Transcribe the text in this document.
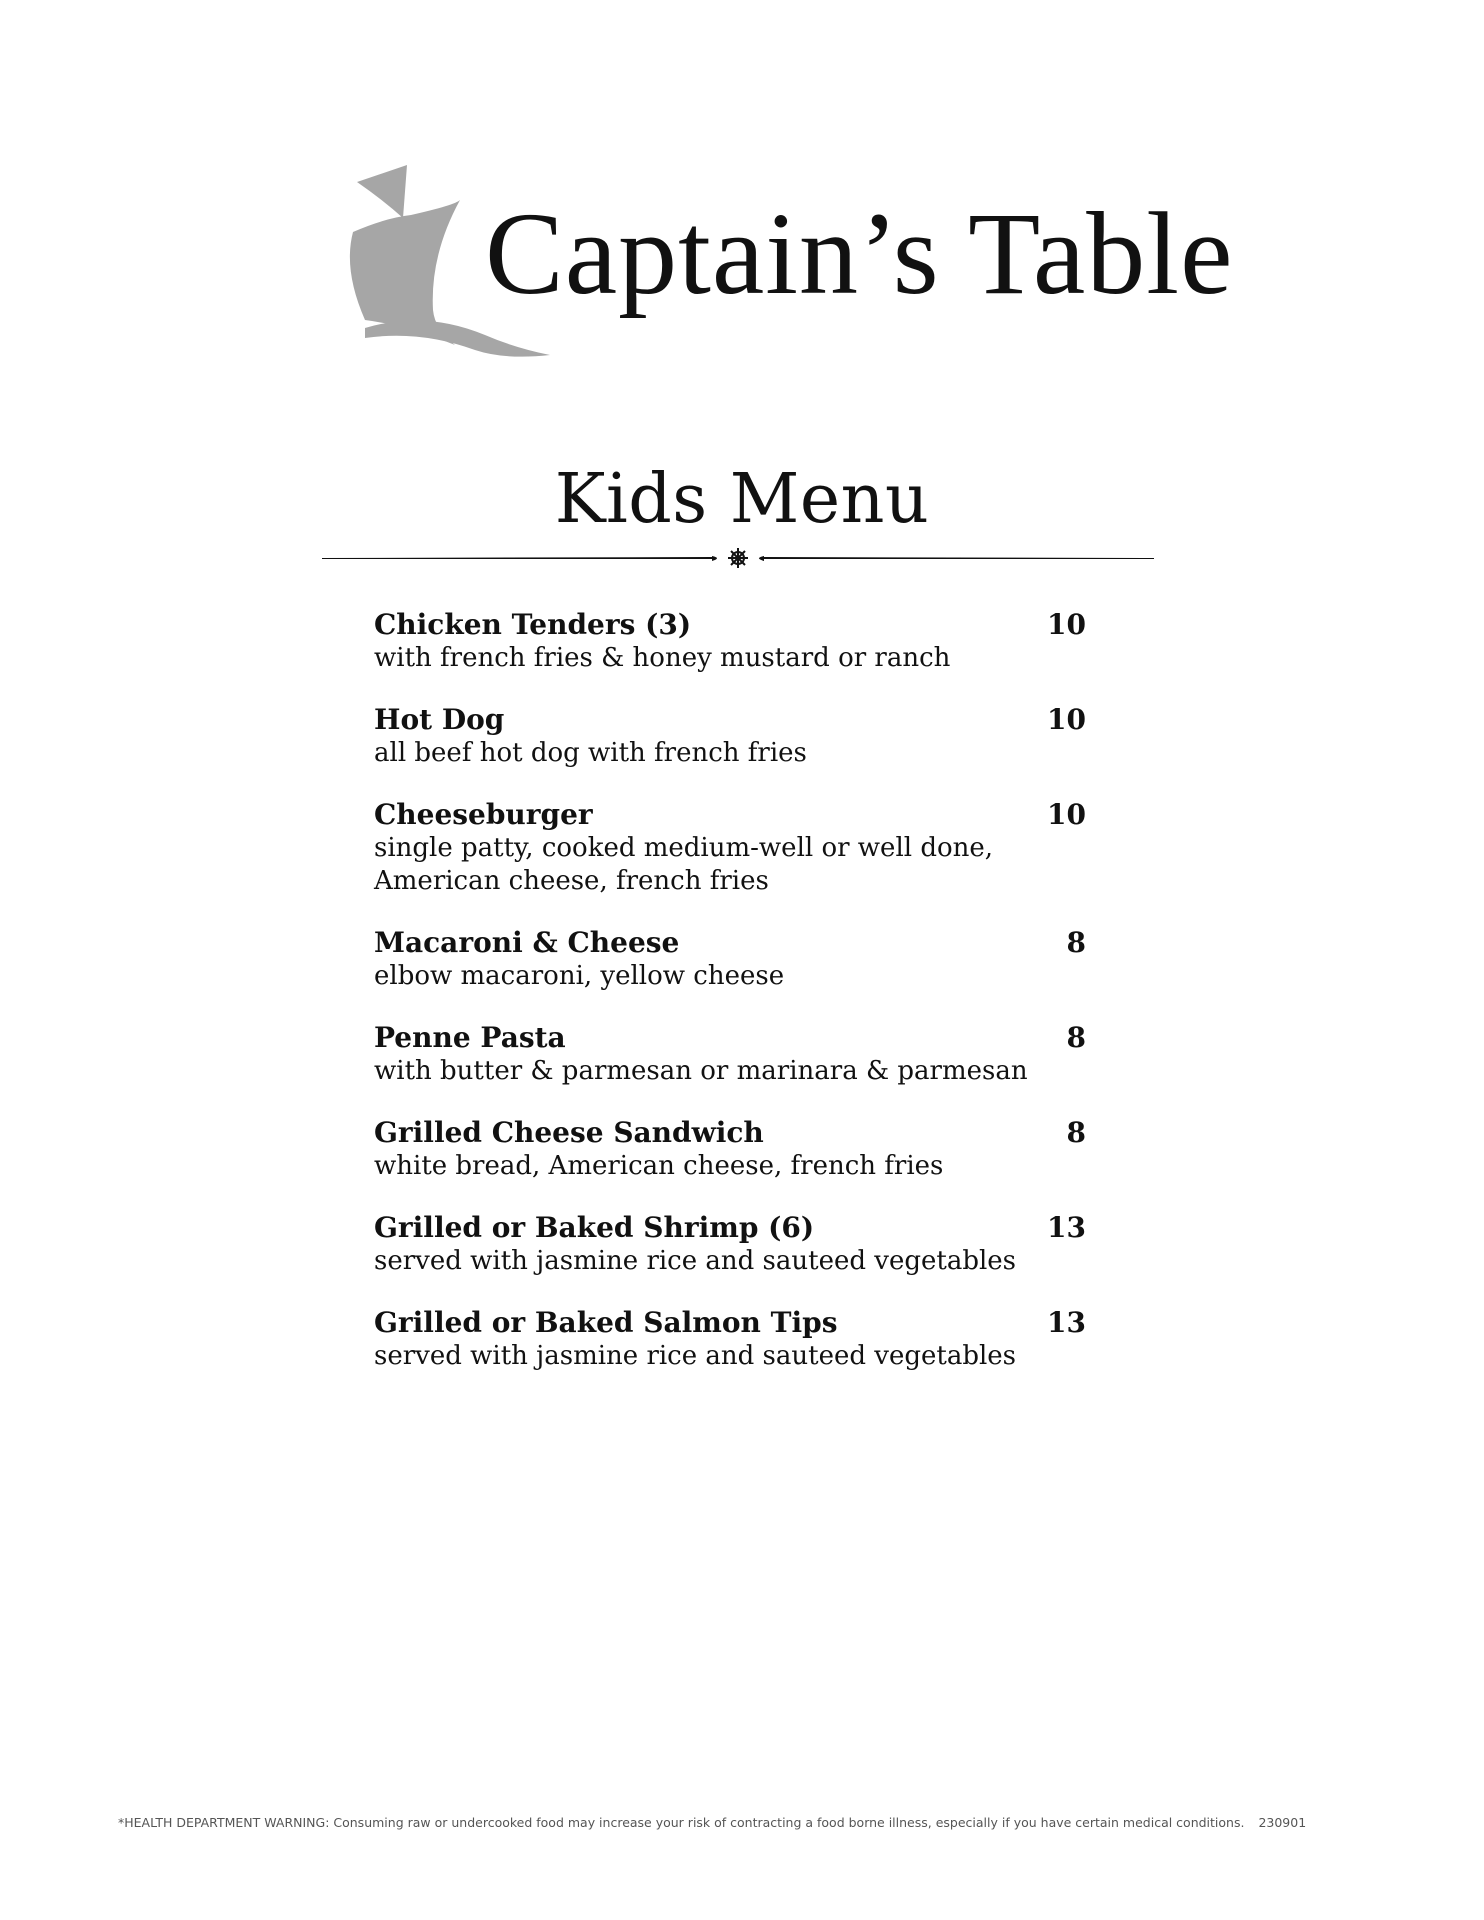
Captain’s Table
Kids Menu
Chicken Tenders (3)	10
with french fries & honey mustard or ranch
Hot Dog	10
all beef hot dog with french fries
Cheeseburger	10
single patty, cooked medium-well or well done, American cheese, french fries
Macaroni & Cheese	8
elbow macaroni, yellow cheese
Penne Pasta	8
with butter & parmesan or marinara & parmesan
Grilled Cheese Sandwich	8
white bread, American cheese, french fries
Grilled or Baked Shrimp (6)	13
served with jasmine rice and sauteed vegetables
Grilled or Baked Salmon Tips	13
served with jasmine rice and sauteed vegetables
*HEALTH DEPARTMENT WARNING: Consuming raw or undercooked food may increase your risk of contracting a food borne illness, especially if you have certain medical conditions. 230901
